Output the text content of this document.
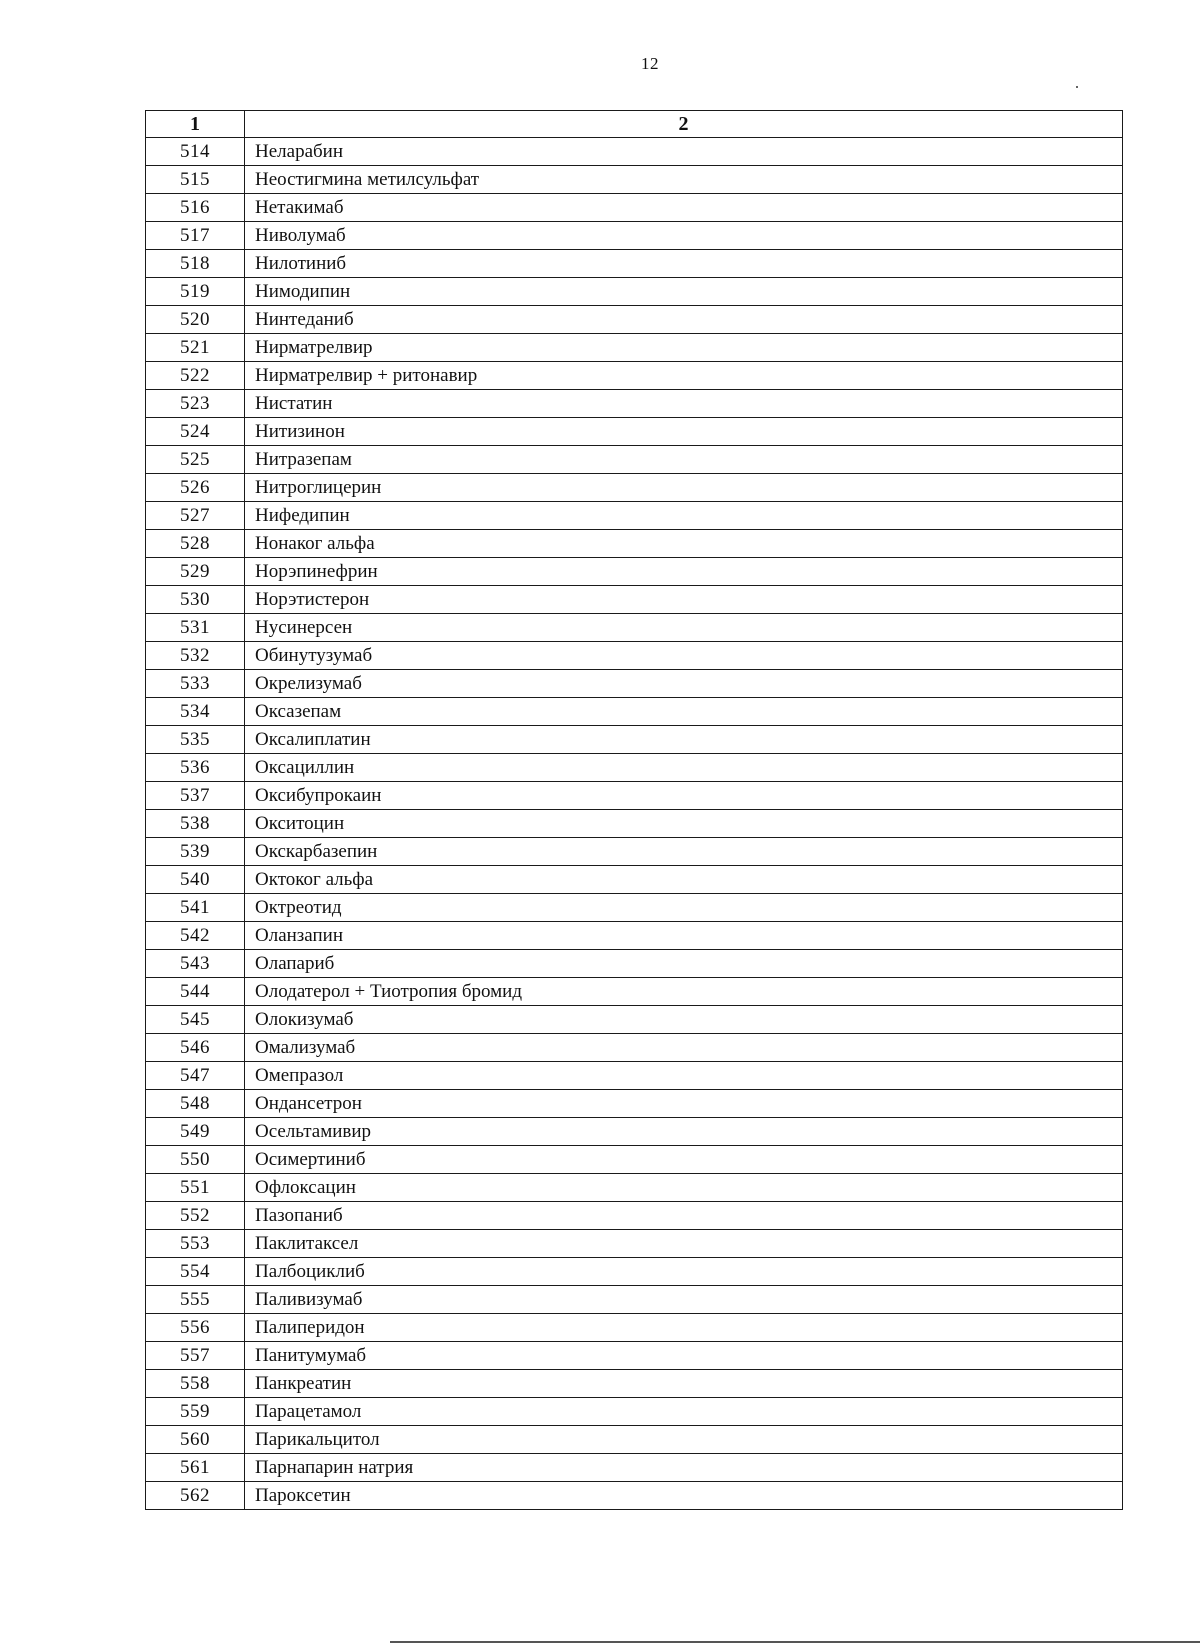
12
1	2
514	Неларабин
515	Неостигмина метилсульфат
516	Нетакимаб
517	Ниволумаб
518	Нилотиниб
519	Нимодипин
520	Нинтеданиб
521	Нирматрелвир
522	Нирматрелвир + ритонавир
523	Нистатин
524	Нитизинон
525	Нитразепам
526	Нитроглицерин
527	Нифедипин
528	Нонаког альфа
529	Норэпинефрин
530	Норэтистерон
531	Нусинерсен
532	Обинутузумаб
533	Окрелизумаб
534	Оксазепам
535	Оксалиплатин
536	Оксациллин
537	Оксибупрокаин
538	Окситоцин
539	Окскарбазепин
540	Октоког альфа
541	Октреотид
542	Оланзапин
543	Олапариб
544	Олодатерол + Тиотропия бромид
545	Олокизумаб
546	Омализумаб
547	Омепразол
548	Ондансетрон
549	Осельтамивир
550	Осимертиниб
551	Офлоксацин
552	Пазопаниб
553	Паклитаксел
554	Палбоциклиб
555	Паливизумаб
556	Палиперидон
557	Панитумумаб
558	Панкреатин
559	Парацетамол
560	Парикальцитол
561	Парнапарин натрия
562	Пароксетин
